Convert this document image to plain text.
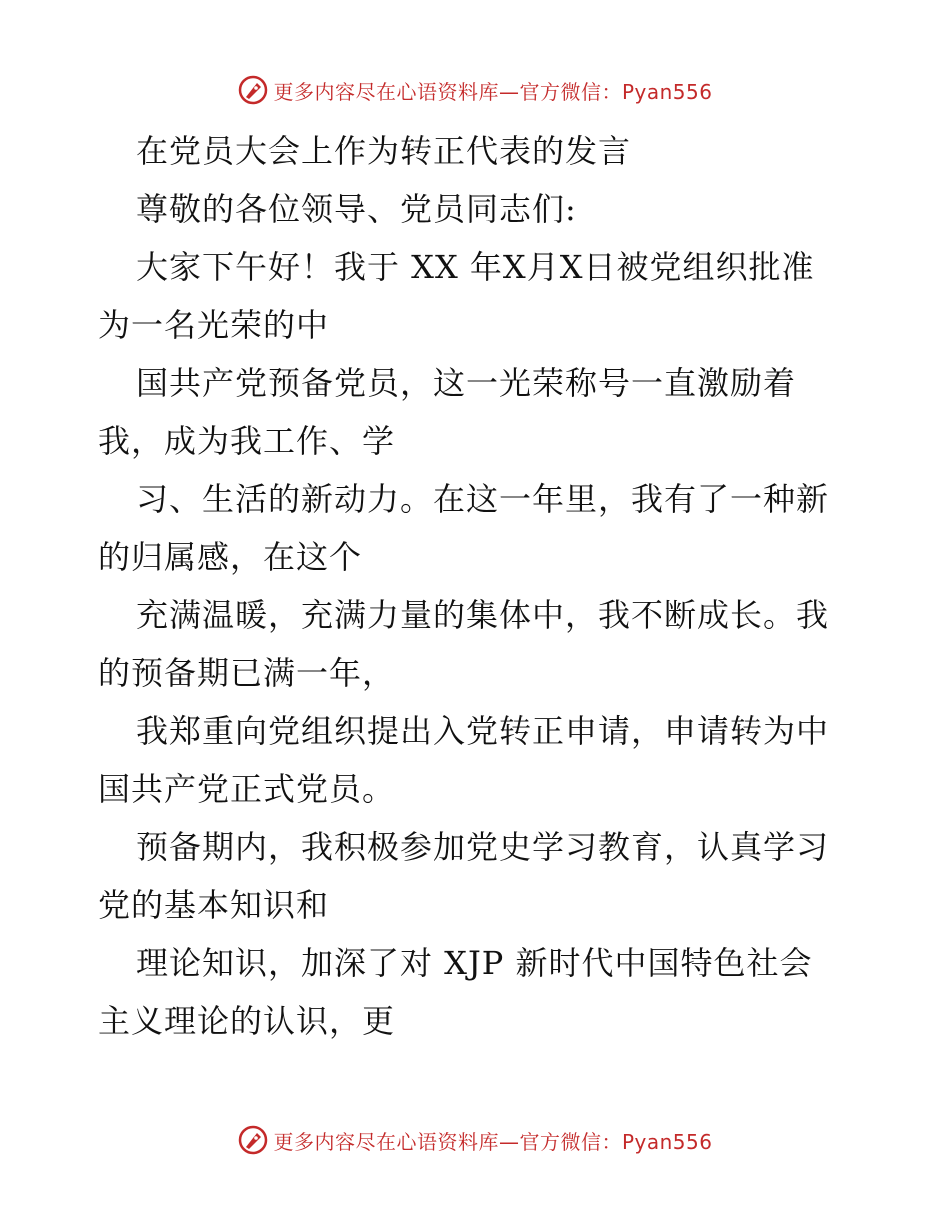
更多内容尽在心语资料库—官方微信：Pyan556
在党员大会上作为转正代表的发言
尊敬的各位领导、党员同志们:
大家下午好！我于 XX 年X月X日被党组织批准
为一名光荣的中
国共产党预备党员，这一光荣称号一直激励着
我，成为我工作、学
习、生活的新动力。在这一年里，我有了一种新
的归属感，在这个
充满温暖，充满力量的集体中，我不断成长。我
的预备期已满一年，
我郑重向党组织提出入党转正申请，申请转为中
国共产党正式党员。
预备期内，我积极参加党史学习教育，认真学习
党的基本知识和
理论知识，加深了对 XJP 新时代中国特色社会
主义理论的认识，更
更多内容尽在心语资料库—官方微信：Pyan556
